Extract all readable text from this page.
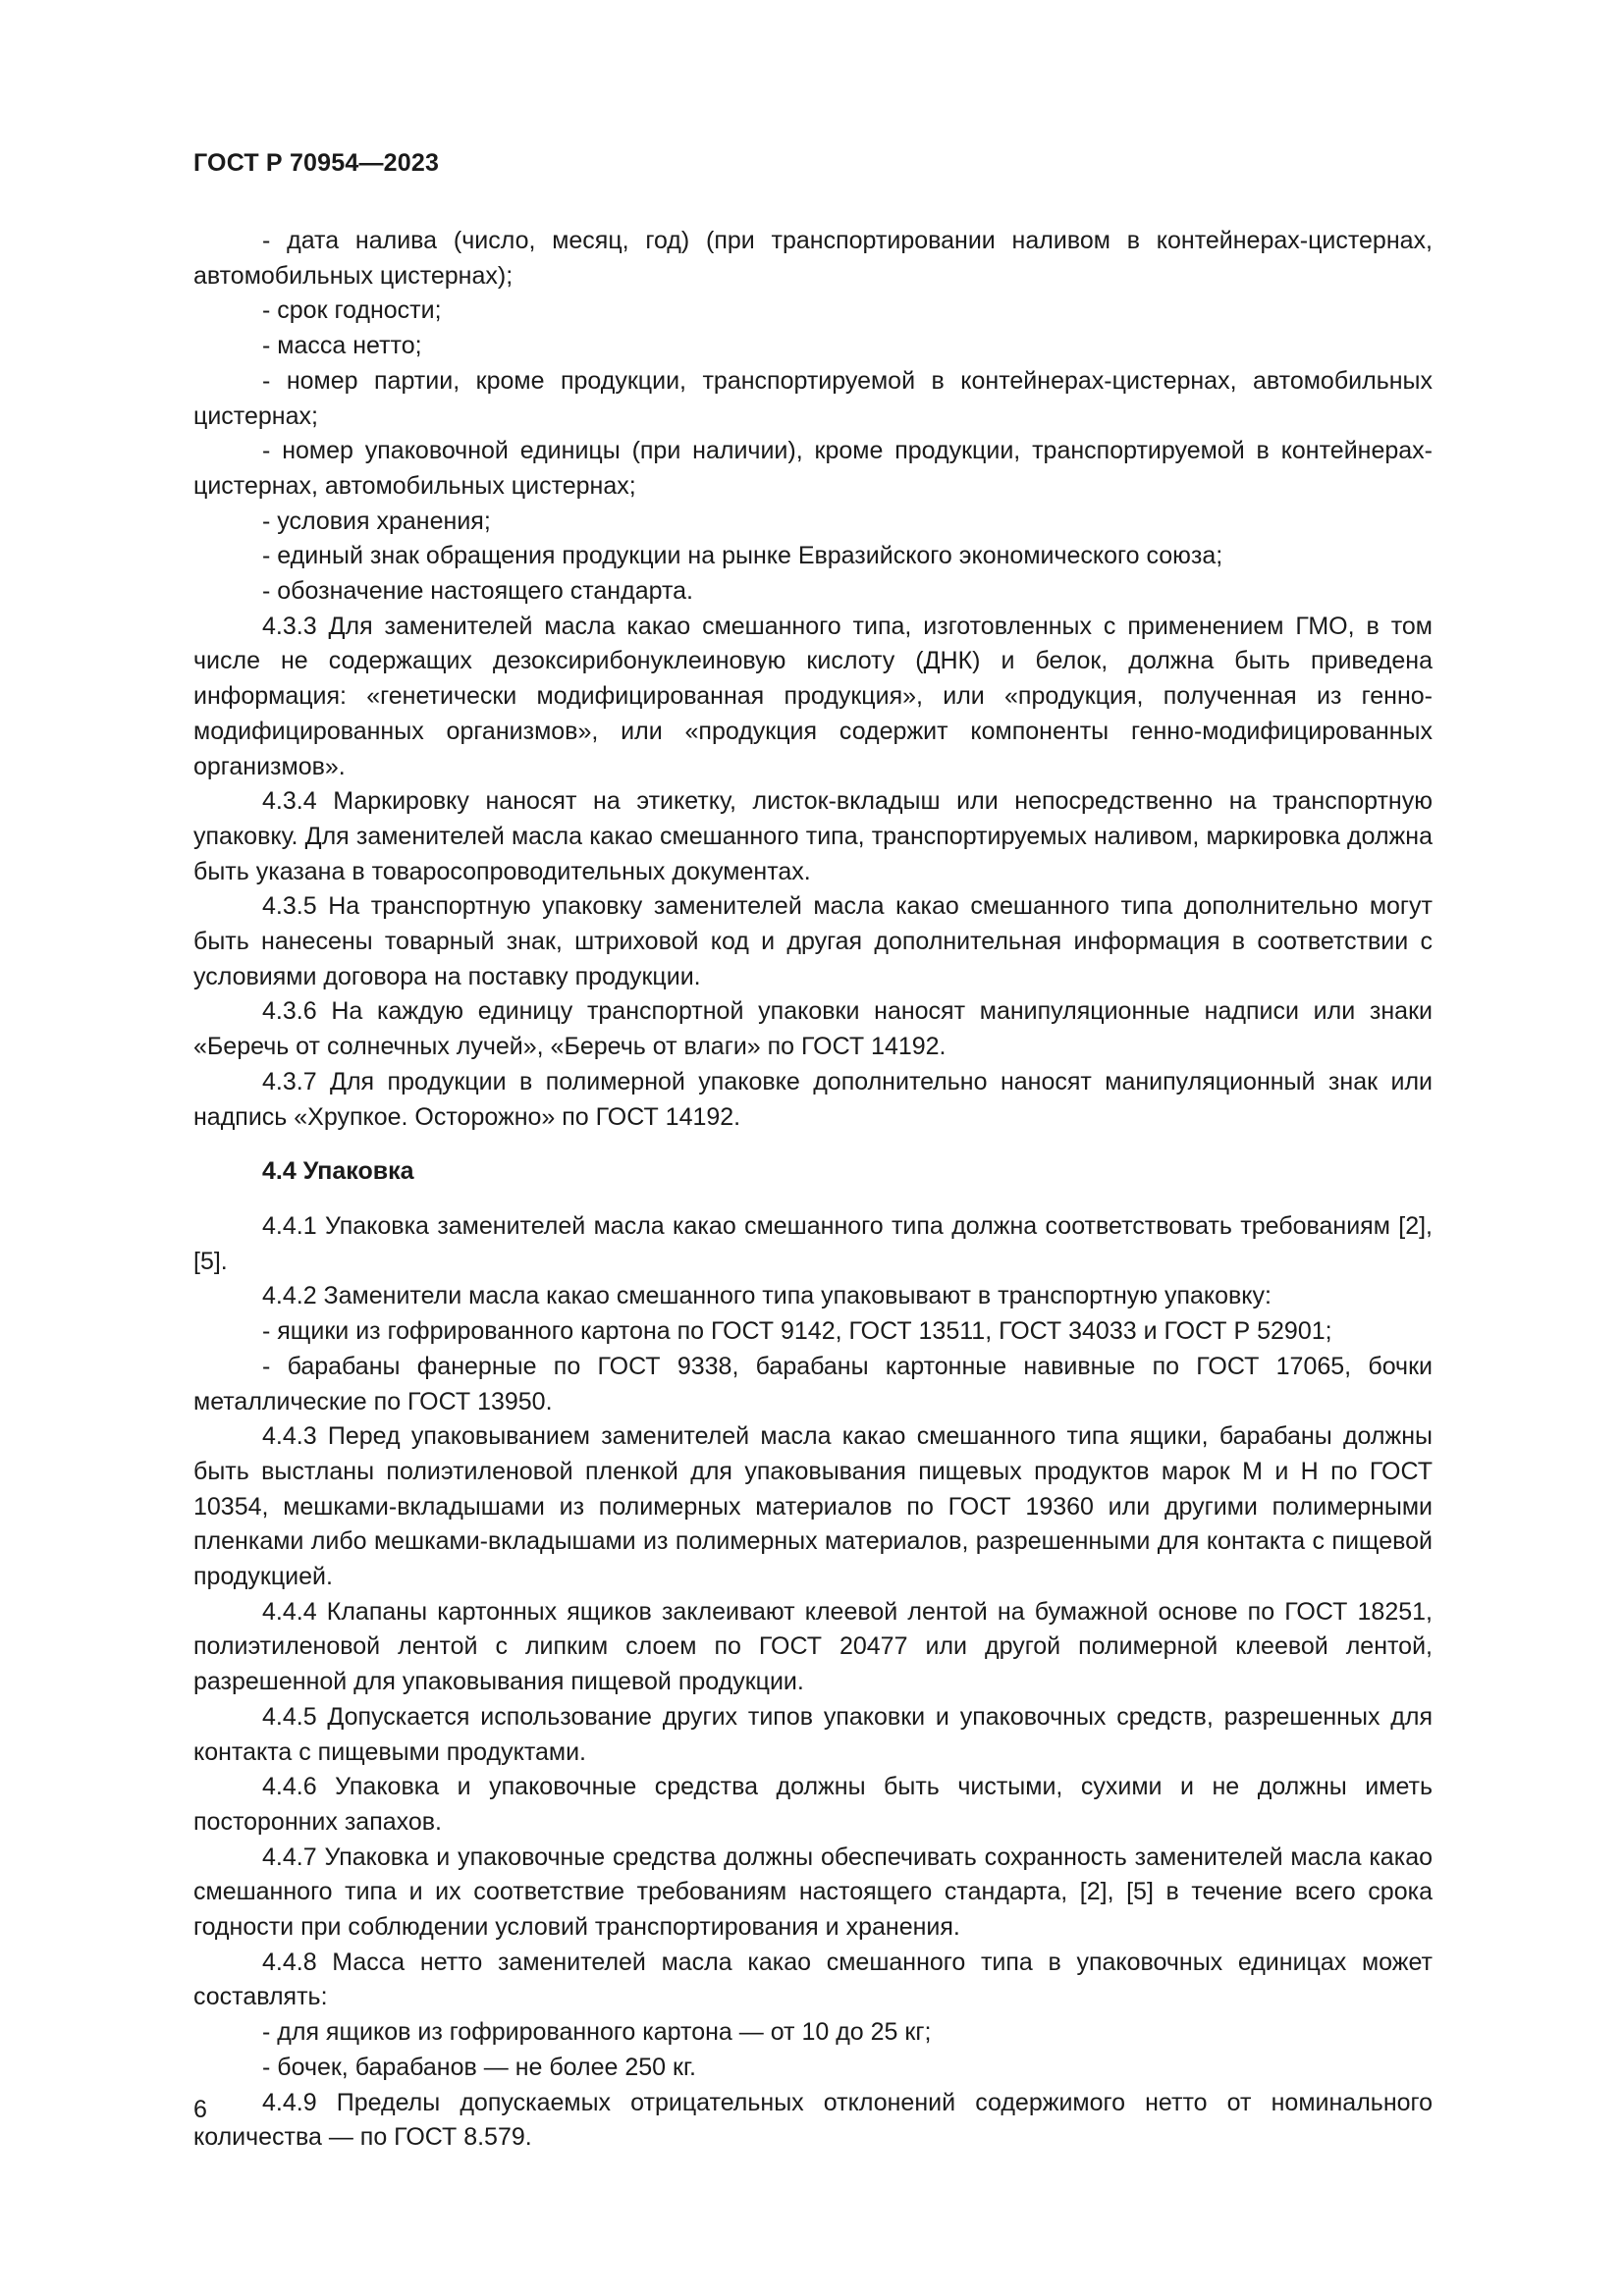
ГОСТ Р 70954—2023

- дата налива (число, месяц, год) (при транспортировании наливом в контейнерах-цистернах, автомобильных цистернах);

- срок годности;

- масса нетто;

- номер партии, кроме продукции, транспортируемой в контейнерах-цистернах, автомобильных цистернах;

- номер упаковочной единицы (при наличии), кроме продукции, транспортируемой в контейнерах-цистернах, автомобильных цистернах;

- условия хранения;

- единый знак обращения продукции на рынке Евразийского экономического союза;

- обозначение настоящего стандарта.

4.3.3 Для заменителей масла какао смешанного типа, изготовленных с применением ГМО, в том числе не содержащих дезоксирибонуклеиновую кислоту (ДНК) и белок, должна быть приведена информация: «генетически модифицированная продукция», или «продукция, полученная из генно-модифицированных организмов», или «продукция содержит компоненты генно-модифицированных организмов».

4.3.4 Маркировку наносят на этикетку, листок-вкладыш или непосредственно на транспортную упаковку. Для заменителей масла какао смешанного типа, транспортируемых наливом, маркировка должна быть указана в товаросопроводительных документах.

4.3.5 На транспортную упаковку заменителей масла какао смешанного типа дополнительно могут быть нанесены товарный знак, штриховой код и другая дополнительная информация в соответствии с условиями договора на поставку продукции.

4.3.6 На каждую единицу транспортной упаковки наносят манипуляционные надписи или знаки «Беречь от солнечных лучей», «Беречь от влаги» по ГОСТ 14192.

4.3.7 Для продукции в полимерной упаковке дополнительно наносят манипуляционный знак или надпись «Хрупкое. Осторожно» по ГОСТ 14192.

4.4 Упаковка

4.4.1 Упаковка заменителей масла какао смешанного типа должна соответствовать требованиям [2], [5].

4.4.2 Заменители масла какао смешанного типа упаковывают в транспортную упаковку:

- ящики из гофрированного картона по ГОСТ 9142, ГОСТ 13511, ГОСТ 34033 и ГОСТ Р 52901;

- барабаны фанерные по ГОСТ 9338, барабаны картонные навивные по ГОСТ 17065, бочки металлические по ГОСТ 13950.

4.4.3 Перед упаковыванием заменителей масла какао смешанного типа ящики, барабаны должны быть выстланы полиэтиленовой пленкой для упаковывания пищевых продуктов марок М и Н по ГОСТ 10354, мешками-вкладышами из полимерных материалов по ГОСТ 19360 или другими полимерными пленками либо мешками-вкладышами из полимерных материалов, разрешенными для контакта с пищевой продукцией.

4.4.4 Клапаны картонных ящиков заклеивают клеевой лентой на бумажной основе по ГОСТ 18251, полиэтиленовой лентой с липким слоем по ГОСТ 20477 или другой полимерной клеевой лентой, разрешенной для упаковывания пищевой продукции.

4.4.5 Допускается использование других типов упаковки и упаковочных средств, разрешенных для контакта с пищевыми продуктами.

4.4.6 Упаковка и упаковочные средства должны быть чистыми, сухими и не должны иметь посторонних запахов.

4.4.7 Упаковка и упаковочные средства должны обеспечивать сохранность заменителей масла какао смешанного типа и их соответствие требованиям настоящего стандарта, [2], [5] в течение всего срока годности при соблюдении условий транспортирования и хранения.

4.4.8 Масса нетто заменителей масла какао смешанного типа в упаковочных единицах может составлять:

- для ящиков из гофрированного картона — от 10 до 25 кг;

- бочек, барабанов — не более 250 кг.

4.4.9 Пределы допускаемых отрицательных отклонений содержимого нетто от номинального количества — по ГОСТ 8.579.

6
